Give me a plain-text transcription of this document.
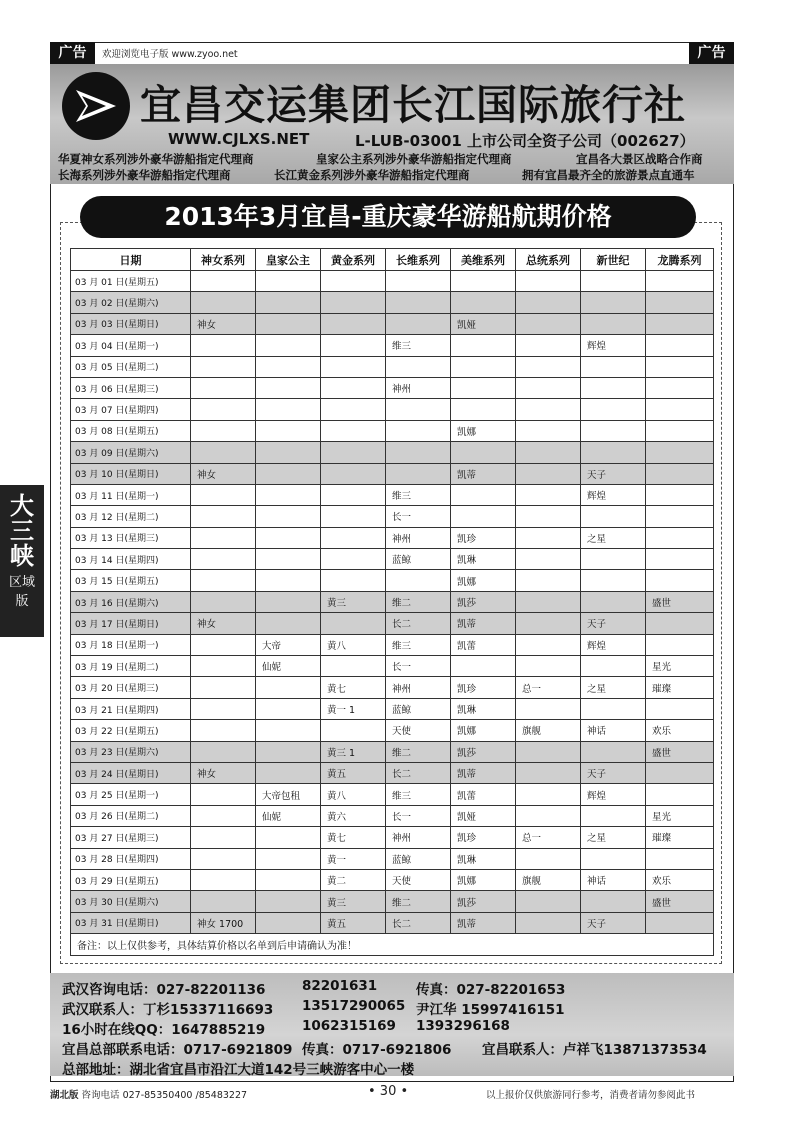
广告	广告
欢迎浏览电子版 www.zyoo.net
宜昌交运集团长江国际旅行社
WWW.CJLXS.NET	L-LUB-03001 上市公司全资子公司（002627）
华夏神女系列涉外豪华游船指定代理商	皇家公主系列涉外豪华游船指定代理商	宜昌各大景区战略合作商
长海系列涉外豪华游船指定代理商	长江黄金系列涉外豪华游船指定代理商	拥有宜昌最齐全的旅游景点直通车
2013年3月宜昌-重庆豪华游船航期价格
日期	神女系列	皇家公主	黄金系列	长维系列	美维系列	总统系列	新世纪	龙腾系列
03 月 01 日(星期五)								
03 月 02 日(星期六)								
03 月 03 日(星期日)	神女				凯娅			
03 月 04 日(星期一)				维三			辉煌	
03 月 05 日(星期二)								
03 月 06 日(星期三)				神州				
03 月 07 日(星期四)								
03 月 08 日(星期五)					凯娜			
03 月 09 日(星期六)								
03 月 10 日(星期日)	神女				凯蒂		天子	
03 月 11 日(星期一)				维三			辉煌	
03 月 12 日(星期二)				长一				
03 月 13 日(星期三)				神州	凯珍		之星	
03 月 14 日(星期四)				蓝鲸	凯琳			
03 月 15 日(星期五)					凯娜			
03 月 16 日(星期六)			黄三	维二	凯莎			盛世
03 月 17 日(星期日)	神女			长二	凯蒂		天子	
03 月 18 日(星期一)		大帝	黄八	维三	凯蕾		辉煌	
03 月 19 日(星期二)		仙妮		长一				星光
03 月 20 日(星期三)			黄七	神州	凯珍	总一	之星	璀璨
03 月 21 日(星期四)			黄一 1	蓝鲸	凯琳			
03 月 22 日(星期五)				天使	凯娜	旗舰	神话	欢乐
03 月 23 日(星期六)			黄三 1	维二	凯莎			盛世
03 月 24 日(星期日)	神女		黄五	长二	凯蒂		天子	
03 月 25 日(星期一)		大帝包租	黄八	维三	凯蕾		辉煌	
03 月 26 日(星期二)		仙妮	黄六	长一	凯娅			星光
03 月 27 日(星期三)			黄七	神州	凯珍	总一	之星	璀璨
03 月 28 日(星期四)			黄一	蓝鲸	凯琳			
03 月 29 日(星期五)			黄二	天使	凯娜	旗舰	神话	欢乐
03 月 30 日(星期六)			黄三	维二	凯莎			盛世
03 月 31 日(星期日)	神女 1700		黄五	长二	凯蒂		天子	
备注：以上仅供参考，具体结算价格以名单到后申请确认为准！								
大三峡
区域版
武汉咨询电话：027-82201136	82201631	传真：027-82201653
武汉联系人：丁杉15337116693 13517290065 尹江华 15997416151
16小时在线QQ：1647885219	1062315169 1393296168
宜昌总部联系电话：0717-6921809 传真：0717-6921806 宜昌联系人：卢祥飞13871373534
总部地址：湖北省宜昌市沿江大道142号三峡游客中心一楼
湖北版 咨询电话 027-85350400 /85483227	• 30 •	以上报价仅供旅游同行参考，消费者请勿参阅此书
